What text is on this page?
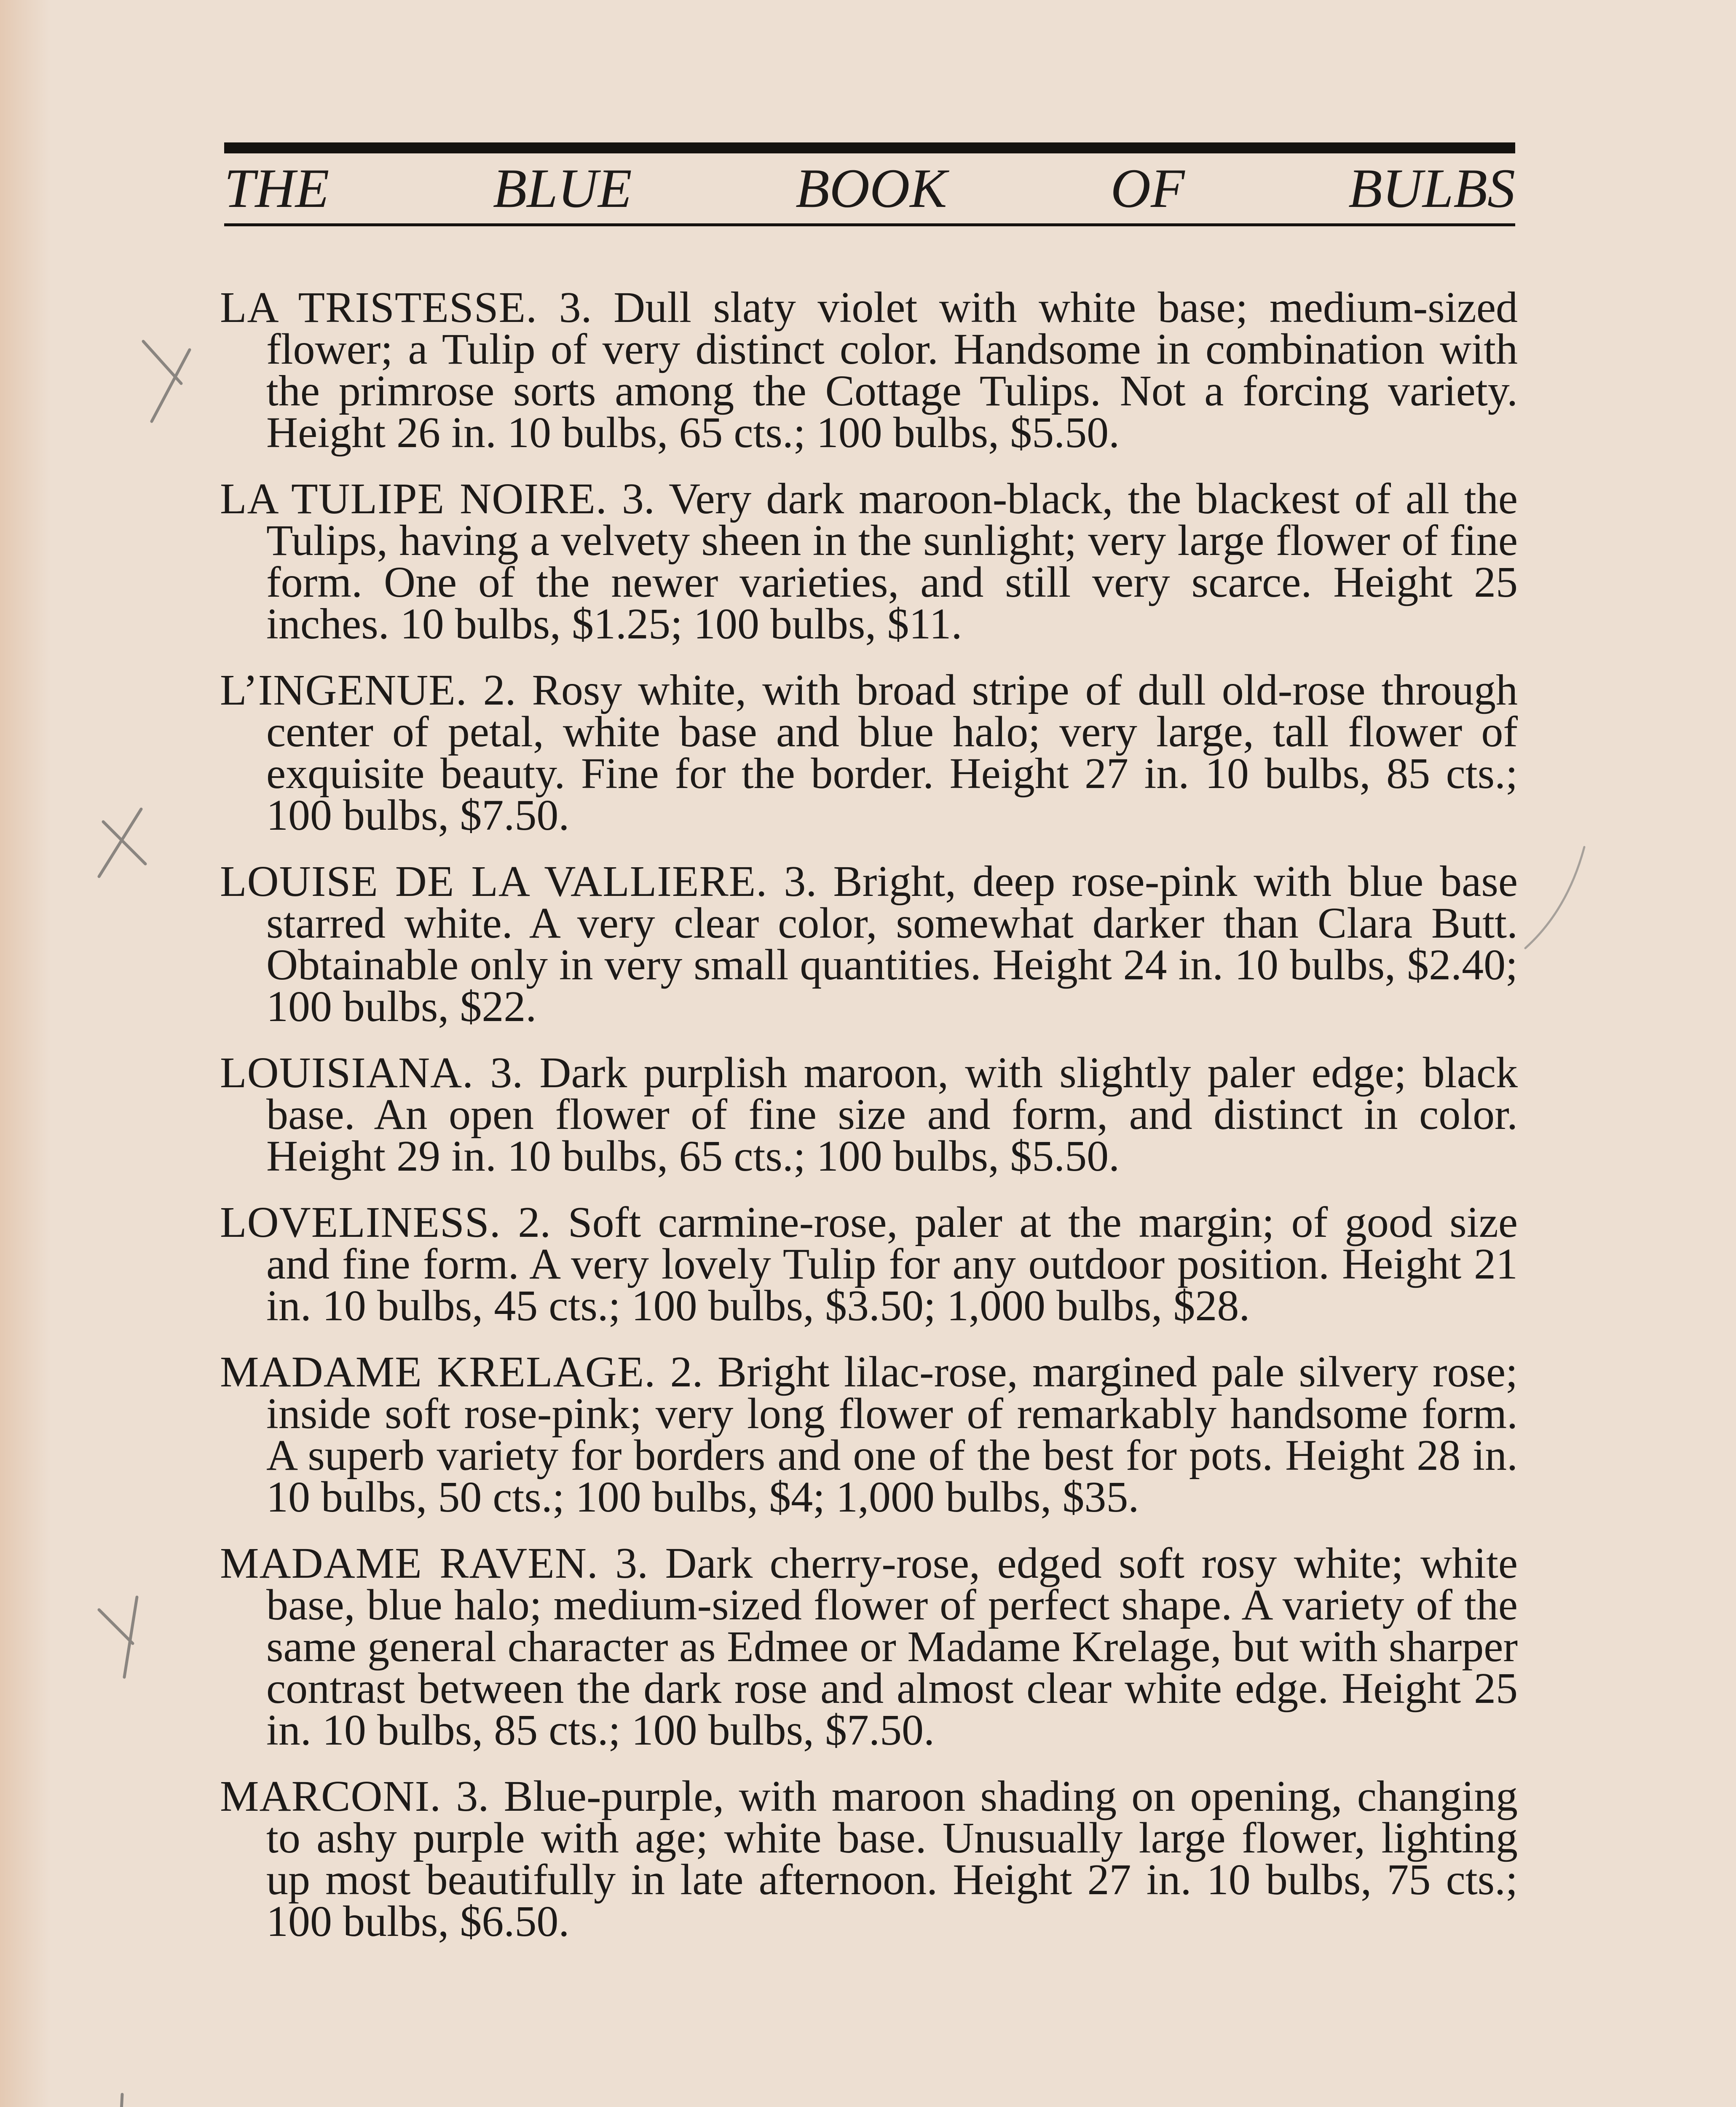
THE	BLUE	BOOK	OF	BULBS

LA TRISTESSE. 3. Dull slaty violet with white base; medium-sized flower; a Tulip of very distinct color. Handsome in combination with the primrose sorts among the Cottage Tulips. Not a forcing variety. Height 26 in. 10 bulbs, 65 cts.; 100 bulbs, $5.50.

LA TULIPE NOIRE. 3. Very dark maroon-black, the blackest of all the Tulips, having a velvety sheen in the sunlight; very large flower of fine form. One of the newer varieties, and still very scarce. Height 25 inches. 10 bulbs, $1.25; 100 bulbs, $11.

L’INGENUE. 2. Rosy white, with broad stripe of dull old-rose through center of petal, white base and blue halo; very large, tall flower of exquisite beauty. Fine for the border. Height 27 in. 10 bulbs, 85 cts.; 100 bulbs, $7.50.

LOUISE DE LA VALLIERE. 3. Bright, deep rose-pink with blue base starred white. A very clear color, somewhat darker than Clara Butt. Obtainable only in very small quantities. Height 24 in. 10 bulbs, $2.40; 100 bulbs, $22.

LOUISIANA. 3. Dark purplish maroon, with slightly paler edge; black base. An open flower of fine size and form, and distinct in color. Height 29 in. 10 bulbs, 65 cts.; 100 bulbs, $5.50.

LOVELINESS. 2. Soft carmine-rose, paler at the margin; of good size and fine form. A very lovely Tulip for any outdoor position. Height 21 in. 10 bulbs, 45 cts.; 100 bulbs, $3.50; 1,000 bulbs, $28.

MADAME KRELAGE. 2. Bright lilac-rose, margined pale silvery rose; inside soft rose-pink; very long flower of remarkably handsome form. A superb variety for borders and one of the best for pots. Height 28 in. 10 bulbs, 50 cts.; 100 bulbs, $4; 1,000 bulbs, $35.

MADAME RAVEN. 3. Dark cherry-rose, edged soft rosy white; white base, blue halo; medium-sized flower of perfect shape. A variety of the same general character as Edmee or Madame Krelage, but with sharper contrast between the dark rose and almost clear white edge. Height 25 in. 10 bulbs, 85 cts.; 100 bulbs, $7.50.

MARCONI. 3. Blue-purple, with maroon shading on opening, changing to ashy purple with age; white base. Unusually large flower, lighting up most beautifully in late afternoon. Height 27 in. 10 bulbs, 75 cts.; 100 bulbs, $6.50.
